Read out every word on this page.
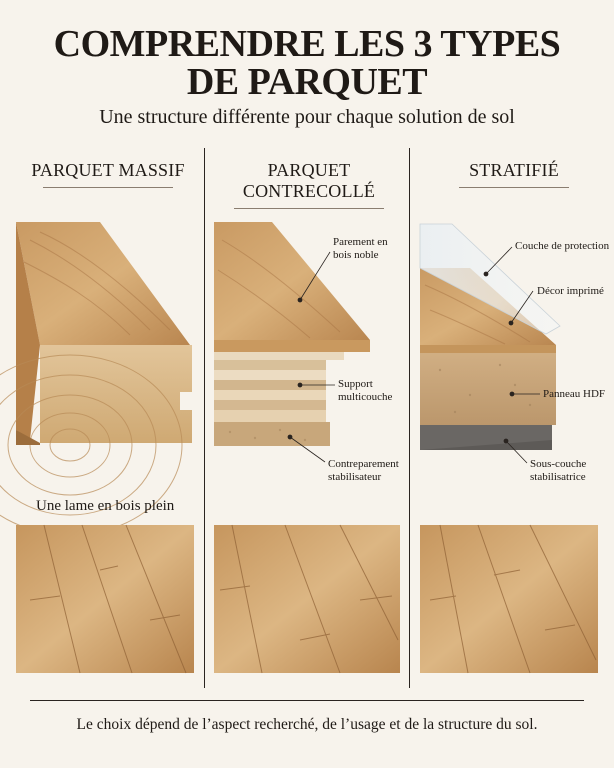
COMPRENDRE LES 3 TYPES
DE PARQUET
Une structure différente pour chaque solution de sol
PARQUET MASSIF	PARQUET CONTRECOLLÉ
STRATIFIÉ
Parement en
bois noble
Support
multicouche
Contreparement
stabilisateur
Couche de protection
Décor imprimé
Panneau HDF
Sous-couche
stabilisatrice
Une lame en bois plein
Le choix dépend de l’aspect recherché, de l’usage et de la structure du sol.
